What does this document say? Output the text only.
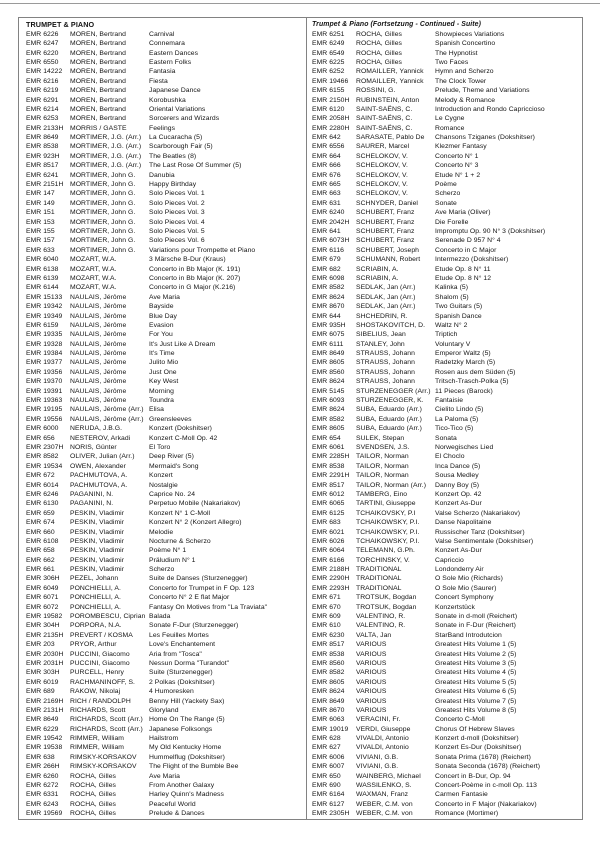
TRUMPET & PIANO
EMR 6226	MOREN, Bertrand	Carnival
EMR 6247	MOREN, Bertrand	Connemara
EMR 6220	MOREN, Bertrand	Eastern Dances
EMR 6550	MOREN, Bertrand	Eastern Folks
EMR 14222	MOREN, Bertrand	Fantasia
EMR 6216	MOREN, Bertrand	Fiesta
EMR 6219	MOREN, Bertrand	Japanese Dance
EMR 6291	MOREN, Bertrand	Korobushka
EMR 6214	MOREN, Bertrand	Oriental Variations
EMR 6253	MOREN, Bertrand	Sorcerers and Wizards
EMR 2133H MORRIS / GASTE	Feelings
EMR 8649	MORTIMER, J.G. (Arr.)	La Cucaracha (5)
EMR 8538	MORTIMER, J.G. (Arr.)	Scarborough Fair (5)
EMR 923H	MORTIMER, J.G. (Arr.)	The Beatles (8)
EMR 8517	MORTIMER, J.G. (Arr.)	The Last Rose Of Summer (5)
EMR 6241	MORTIMER, John G.	Danubia
EMR 2151H MORTIMER, John G.	Happy Birthday
EMR 147	MORTIMER, John G.	Solo Pieces Vol. 1
EMR 149	MORTIMER, John G.	Solo Pieces Vol. 2
EMR 151	MORTIMER, John G.	Solo Pieces Vol. 3
EMR 153	MORTIMER, John G.	Solo Pieces Vol. 4
EMR 155	MORTIMER, John G.	Solo Pieces Vol. 5
EMR 157	MORTIMER, John G.	Solo Pieces Vol. 6
EMR 633	MORTIMER, John G.	Variations pour Trompette et Piano
EMR 6040	MOZART, W.A.	3 Märsche B-Dur (Kraus)
EMR 6138	MOZART, W.A.	Concerto in Bb Major (K. 191)
EMR 6139	MOZART, W.A.	Concerto in Bb Major (K. 207)
EMR 6144	MOZART, W.A.	Concerto in G Major (K.216)
EMR 15133	NAULAIS, Jérôme	Ave Maria
EMR 19342	NAULAIS, Jérôme	Bayside
EMR 19349	NAULAIS, Jérôme	Blue Day
EMR 6159	NAULAIS, Jérôme	Evasion
EMR 19335	NAULAIS, Jérôme	For You
EMR 19328	NAULAIS, Jérôme	It's Just Like A Dream
EMR 19384	NAULAIS, Jérôme	It's Time
EMR 19377	NAULAIS, Jérôme	Julito Mio
EMR 19356	NAULAIS, Jérôme	Just One
EMR 19370	NAULAIS, Jérôme	Key West
EMR 19391	NAULAIS, Jérôme	Morning
EMR 19363	NAULAIS, Jérôme	Toundra
EMR 19195	NAULAIS, Jérôme (Arr.) Elisa
EMR 19556	NAULAIS, Jérôme (Arr.) Greensleeves
EMR 6000	NERUDA, J.B.G.	Konzert (Dokshitser)
EMR 656	NESTEROV, Arkadi	Konzert C-Moll Op. 42
EMR 2307H NORIS, Günter	El Toro
EMR 8582	OLIVER, Julian (Arr.)	Deep River (5)
EMR 19534	OWEN, Alexander	Mermaid's Song
EMR 672	PACHMUTOVA, A.	Konzert
EMR 6014	PACHMUTOVA, A.	Nostalgie
EMR 6246	PAGANINI, N.	Caprice No. 24
EMR 6130	PAGANINI, N.	Perpetuo Mobile (Nakariakov)
EMR 659	PESKIN, Vladimir	Konzert N° 1 C-Moll
EMR 674	PESKIN, Vladimir	Konzert N° 2 (Konzert Allegro)
EMR 660	PESKIN, Vladimir	Melodie
EMR 6108	PESKIN, Vladimir	Nocturne & Scherzo
EMR 658	PESKIN, Vladimir	Poème N° 1
EMR 662	PESKIN, Vladimir	Präludium N° 1
EMR 661	PESKIN, Vladimir	Scherzo
EMR 306H	PEZEL, Johann	Suite de Danses (Sturzenegger)
EMR 6049	PONCHIELLI, A.	Concerto for Trumpet in F Op. 123
EMR 6071	PONCHIELLI, A.	Concerto N° 2 E flat Major
EMR 6072	PONCHIELLI, A.	Fantasy On Motives from "La Traviata"
EMR 19582	POROMBESCU, Ciprian Balada
EMR 304H	PORPORA, N.A.	Sonate F-Dur (Sturzenegger)
EMR 2135H PREVERT / KOSMA	Les Feuilles Mortes
EMR 203	PRYOR, Arthur	Love's Enchantement
EMR 2030H PUCCINI, Giacomo	Aria from "Tosca"
EMR 2031H PUCCINI, Giacomo	Nessun Dorma "Turandot"
EMR 303H	PURCELL, Henry	Suite (Sturzenegger)
EMR 6019	RACHMANINOFF, S.	2 Polkas (Dokshitser)
EMR 689	RAKOW, Nikolaj	4 Humoresken
EMR 2169H RICH / RANDOLPH	Benny Hill (Yackety Sax)
EMR 2131H RICHARDS, Scott	Gloryland
EMR 8649	RICHARDS, Scott (Arr.) Home On The Range (5)
EMR 6229	RICHARDS, Scott (Arr.) Japanese Folksongs
EMR 19542	RIMMER, William	Hailstrom
EMR 19538	RIMMER, William	My Old Kentucky Home
EMR 638	RIMSKY-KORSAKOV	Hummelflug (Dokshitser)
EMR 266H	RIMSKY-KORSAKOV	The Flight of the Bumble Bee
EMR 6260	ROCHA, Gilles	Ave Maria
EMR 6272	ROCHA, Gilles	From Another Galaxy
EMR 6331	ROCHA, Gilles	Harley Quinn's Madness
EMR 6243	ROCHA, Gilles	Peaceful World
EMR 19569	ROCHA, Gilles	Prelude & Dances
Trumpet & Piano (Fortsetzung - Continued - Suite)
EMR 6251	ROCHA, Gilles	Showpieces Variations
EMR 6249	ROCHA, Gilles	Spanish Concertino
EMR 6549	ROCHA, Gilles	The Hypnotist
EMR 6225	ROCHA, Gilles	Two Faces
EMR 6252	ROMAILLER, Yannick	Hymn and Scherzo
EMR 19466	ROMAILLER, Yannick	The Clock Tower
EMR 6155	ROSSINI, G.	Prelude, Theme and Variations
EMR 2150H RUBINSTEIN, Anton	Melody & Romance
EMR 6120	SAINT-SAËNS, C.	Introduction and Rondo Capriccioso
EMR 2058H SAINT-SAËNS, C.	Le Cygne
EMR 2280H SAINT-SAËNS, C.	Romance
EMR 642	SARASATE, Pablo De	Chansons Tziganes (Dokshitser)
EMR 6556	SAURER, Marcel	Klezmer Fantasy
EMR 664	SCHELOKOV, V.	Concerto N° 1
EMR 666	SCHELOKOV, V.	Concerto N° 3
EMR 676	SCHELOKOV, V.	Etude N° 1 + 2
EMR 665	SCHELOKOV, V.	Poème
EMR 663	SCHELOKOV, V.	Scherzo
EMR 631	SCHNYDER, Daniel	Sonate
EMR 6240	SCHUBERT, Franz	Ave Maria (Oliver)
EMR 2042H SCHUBERT, Franz	Die Forelle
EMR 641	SCHUBERT, Franz	Impromptu Op. 90 N° 3 (Dokshitser)
EMR 6073H SCHUBERT, Franz	Serenade D 957 N° 4
EMR 6116	SCHUBERT, Joseph	Concerto in C Major
EMR 679	SCHUMANN, Robert	Intermezzo (Dokshitser)
EMR 682	SCRIABIN, A.	Etude Op. 8 N° 11
EMR 6098	SCRIABIN, A.	Etude Op. 8 N° 12
EMR 8582	SEDLAK, Jan (Arr.)	Kalinka (5)
EMR 8624	SEDLAK, Jan (Arr.)	Shalom (5)
EMR 8670	SEDLAK, Jan (Arr.)	Two Guitars (5)
EMR 644	SHCHEDRIN, R.	Spanish Dance
EMR 935H	SHOSTAKOVITCH, D.	Waltz N° 2
EMR 6075	SIBELIUS, Jean	Triptich
EMR 6111	STANLEY, John	Voluntary V
EMR 8649	STRAUSS, Johann	Emperor Waltz (5)
EMR 8605	STRAUSS, Johann	Radetzky March (5)
EMR 8560	STRAUSS, Johann	Rosen aus dem Süden (5)
EMR 8624	STRAUSS, Johann	Tritsch-Trasch-Polka (5)
EMR 5145	STURZENEGGER (Arr.) 11 Pieces (Barock)
EMR 6093	STURZENEGGER, K.	Fantaisie
EMR 8624	SUBA, Eduardo (Arr.)	Cielito Lindo (5)
EMR 8582	SUBA, Eduardo (Arr.)	La Paloma (5)
EMR 8605	SUBA, Eduardo (Arr.)	Tico-Tico (5)
EMR 654	SULEK, Stepan	Sonata
EMR 6061	SVENDSEN, J.S.	Norwegisches Lied
EMR 2285H TAILOR, Norman	El Choclo
EMR 8538	TAILOR, Norman	Inca Dance (5)
EMR 2291H TAILOR, Norman	Sousa Medley
EMR 8517	TAILOR, Norman (Arr.)	Danny Boy (5)
EMR 6012	TAMBERG, Eino	Konzert Op. 42
EMR 6065	TARTINI, Giuseppe	Konzert As-Dur
EMR 6125	TCHAIKOVSKY, P.I	Valse Scherzo (Nakariakov)
EMR 683	TCHAIKOWSKY, P.I.	Danse Napolitaine
EMR 6021	TCHAIKOWSKY, P.I.	Russischer Tanz (Dokshitser)
EMR 6026	TCHAIKOWSKY, P.I.	Valse Sentimentale (Dokshitser)
EMR 6064	TELEMANN, G.Ph.	Konzert As-Dur
EMR 6166	TORCHINSKY, V.	Capriccio
EMR 2188H TRADITIONAL	Londonderry Air
EMR 2290H TRADITIONAL	O Sole Mio (Richards)
EMR 2293H TRADITIONAL	O Sole Mio (Saurer)
EMR 671	TROTSUK, Bogdan	Concert Symphony
EMR 670	TROTSUK, Bogdan	Konzertstück
EMR 609	VALENTINO, R.	Sonate in d-moll (Reichert)
EMR 610	VALENTINO, R.	Sonate in F-Dur (Reichert)
EMR 6230	VALTA, Jan	StarBand Introdutcion
EMR 8517	VARIOUS	Greatest Hits Volume 1 (5)
EMR 8538	VARIOUS	Greatest Hits Volume 2 (5)
EMR 8560	VARIOUS	Greatest Hits Volume 3 (5)
EMR 8582	VARIOUS	Greatest Hits Volume 4 (5)
EMR 8605	VARIOUS	Greatest Hits Volume 5 (5)
EMR 8624	VARIOUS	Greatest Hits Volume 6 (5)
EMR 8649	VARIOUS	Greatest Hits Volume 7 (5)
EMR 8670	VARIOUS	Greatest Hits Volume 8 (5)
EMR 6063	VERACINI, Fr.	Concerto C-Moll
EMR 19019	VERDI, Giuseppe	Chorus Of Hebrew Slaves
EMR 628	VIVALDI, Antonio	Konzert d-moll (Dokshitser)
EMR 627	VIVALDI, Antonio	Konzert Es-Dur (Dokshitser)
EMR 6006	VIVIANI, G.B.	Sonata Prima (1678) (Reichert)
EMR 6007	VIVIANI, G.B.	Sonata Seconda (1678) (Reichert)
EMR 650	WAINBERG, Michael	Concert in B-Dur, Op. 94
EMR 690	WASSILENKO, S.	Concert-Poème in c-moll Op. 113
EMR 6164	WAXMAN, Franz	Carmen Fantasie
EMR 6127	WEBER, C.M. von	Concerto in F Major (Nakariakov)
EMR 2305H WEBER, C.M. von	Romance (Mortimer)
